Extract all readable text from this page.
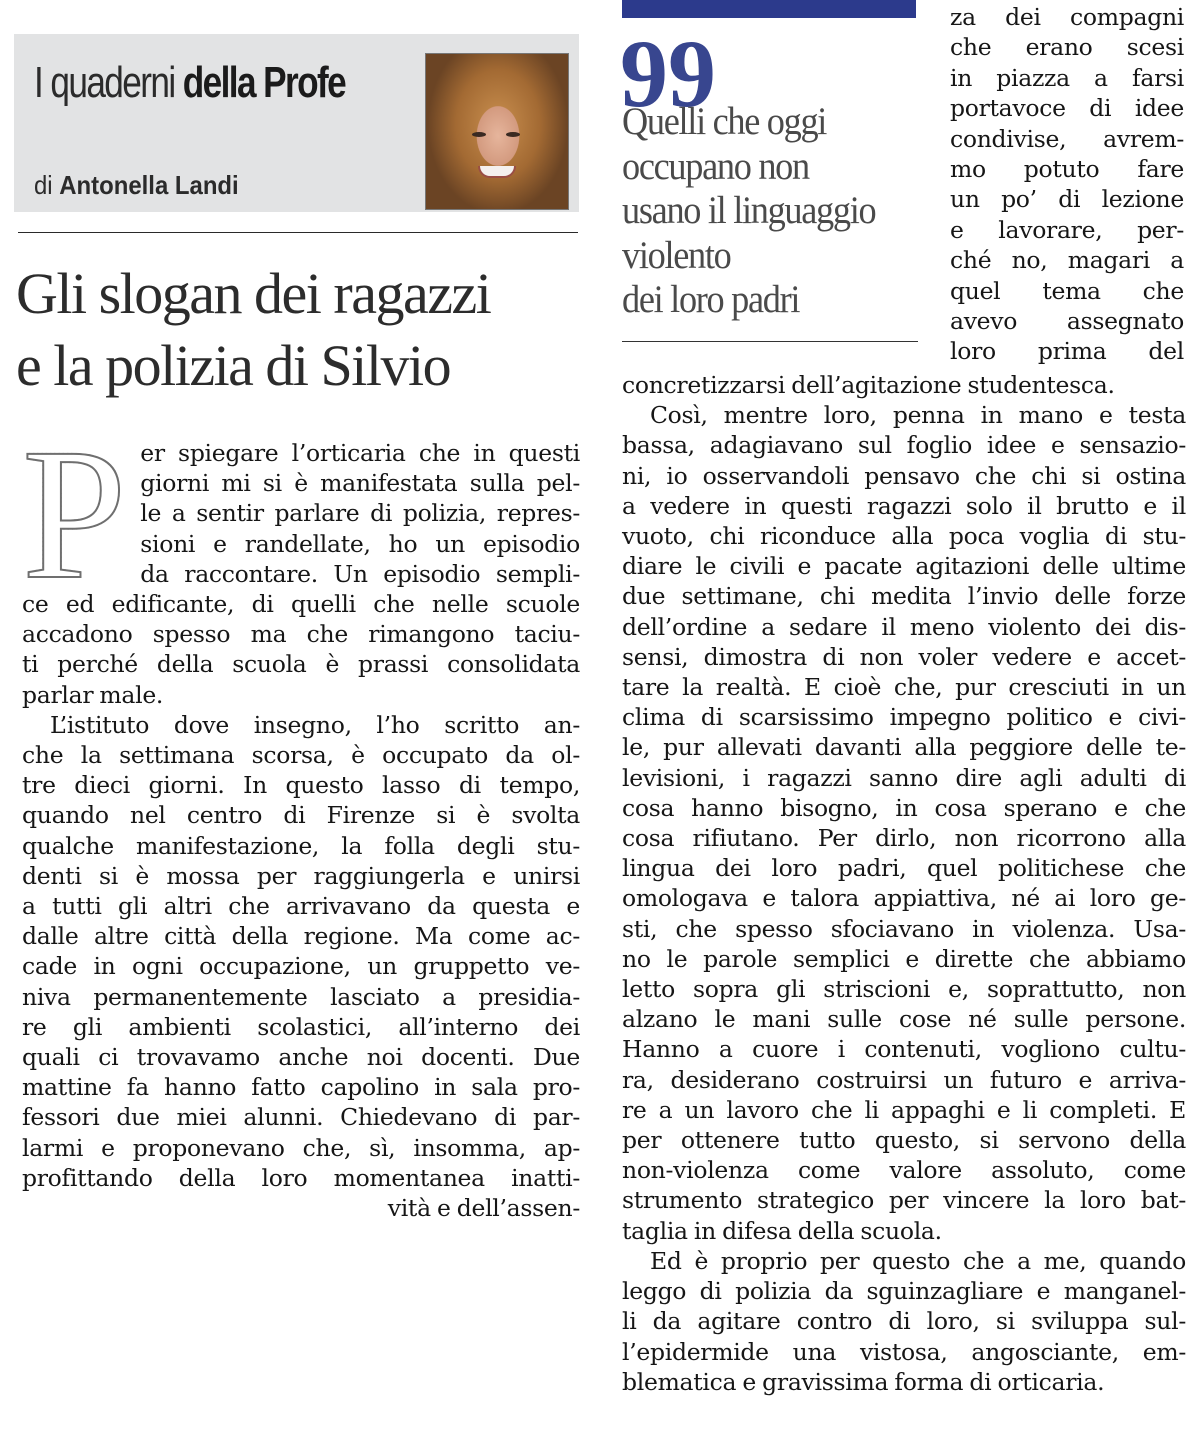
I quaderni della Profe
di Antonella Landi
Gli slogan dei ragazzi
e la polizia di Silvio
P er spiegare l’orticaria che in questi
giorni mi si è manifestata sulla pel-
le a sentir parlare di polizia, repres-
sioni e randellate, ho un episodio
da raccontare. Un episodio sempli-
ce ed edificante, di quelli che nelle scuole
accadono spesso ma che rimangono taciu-
ti perché della scuola è prassi consolidata
parlar male.
L’istituto dove insegno, l’ho scritto an-
che la settimana scorsa, è occupato da ol-
tre dieci giorni. In questo lasso di tempo,
quando nel centro di Firenze si è svolta
qualche manifestazione, la folla degli stu-
denti si è mossa per raggiungerla e unirsi
a tutti gli altri che arrivavano da questa e
dalle altre città della regione. Ma come ac-
cade in ogni occupazione, un gruppetto ve-
niva permanentemente lasciato a presidia-
re gli ambienti scolastici, all’interno dei
quali ci trovavamo anche noi docenti. Due
mattine fa hanno fatto capolino in sala pro-
fessori due miei alunni. Chiedevano di par-
larmi e proponevano che, sì, insomma, ap-
profittando della loro momentanea inatti-
vità e dell’assen-
99
Quelli che oggi
occupano non
usano il linguaggio
violento
dei loro padri
za dei compagni
che erano scesi
in piazza a farsi
portavoce di idee
condivise, avrem-
mo potuto fare
un po’ di lezione
e lavorare, per-
ché no, magari a
quel tema che
avevo assegnato
loro prima del
concretizzarsi dell’agitazione studentesca.
Così, mentre loro, penna in mano e testa
bassa, adagiavano sul foglio idee e sensazio-
ni, io osservandoli pensavo che chi si ostina
a vedere in questi ragazzi solo il brutto e il
vuoto, chi riconduce alla poca voglia di stu-
diare le civili e pacate agitazioni delle ultime
due settimane, chi medita l’invio delle forze
dell’ordine a sedare il meno violento dei dis-
sensi, dimostra di non voler vedere e accet-
tare la realtà. E cioè che, pur cresciuti in un
clima di scarsissimo impegno politico e civi-
le, pur allevati davanti alla peggiore delle te-
levisioni, i ragazzi sanno dire agli adulti di
cosa hanno bisogno, in cosa sperano e che
cosa rifiutano. Per dirlo, non ricorrono alla
lingua dei loro padri, quel politichese che
omologava e talora appiattiva, né ai loro ge-
sti, che spesso sfociavano in violenza. Usa-
no le parole semplici e dirette che abbiamo
letto sopra gli striscioni e, soprattutto, non
alzano le mani sulle cose né sulle persone.
Hanno a cuore i contenuti, vogliono cultu-
ra, desiderano costruirsi un futuro e arriva-
re a un lavoro che li appaghi e li completi. E
per ottenere tutto questo, si servono della
non-violenza come valore assoluto, come
strumento strategico per vincere la loro bat-
taglia in difesa della scuola.
Ed è proprio per questo che a me, quando
leggo di polizia da sguinzagliare e manganel-
li da agitare contro di loro, si sviluppa sul-
l’epidermide una vistosa, angosciante, em-
blematica e gravissima forma di orticaria.
